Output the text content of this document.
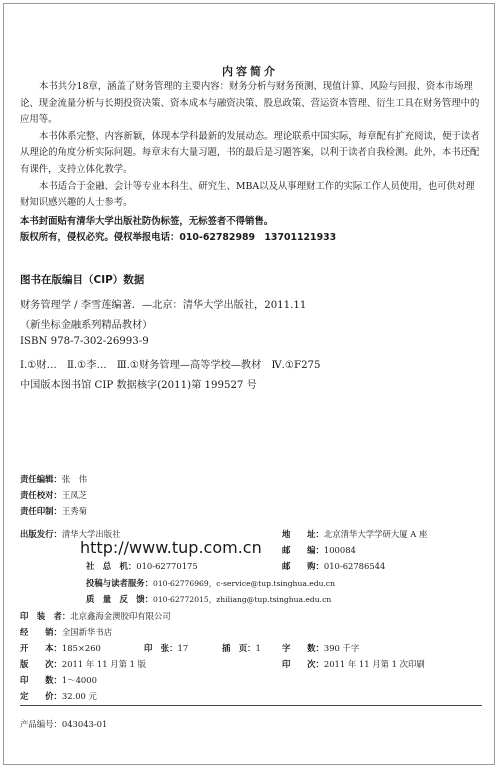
内容简介

本书共分18章，涵盖了财务管理的主要内容：财务分析与财务预测、现值计算、风险与回报、资本市场理论、现金流量分析与长期投资决策、资本成本与融资决策、股息政策、营运资本管理、衍生工具在财务管理中的应用等。

本书体系完整、内容新颖，体现本学科最新的发展动态。理论联系中国实际，每章配有扩充阅读，便于读者从理论的角度分析实际问题。每章末有大量习题，书的最后是习题答案，以利于读者自我检测。此外，本书还配有课件，支持立体化教学。

本书适合于金融、会计等专业本科生、研究生、MBA以及从事理财工作的实际工作人员使用，也可供对理财知识感兴趣的人士参考。

本书封面贴有清华大学出版社防伪标签，无标签者不得销售。

版权所有，侵权必究。侵权举报电话：010-62782989　13701121933

图书在版编目（CIP）数据
财务管理学 / 李雪莲编著．—北京：清华大学出版社，2011.11
（新坐标金融系列精品教材）
ISBN 978-7-302-26993-9
Ⅰ.①财…　Ⅱ.①李…　Ⅲ.①财务管理—高等学校—教材　Ⅳ.①F275
中国版本图书馆 CIP 数据核字(2011)第 199527 号
责任编辑：张　伟
责任校对：王凤芝
责任印制：王秀菊
出版发行：清华大学出版社	地　　址：北京清华大学学研大厦 A 座
http://www.tup.com.cn 邮　　编：100084
社　总　机：010-62770175	邮　　购：010-62786544
投稿与读者服务：010-62776969，c-service@tup.tsinghua.edu.cn
质　量　反　馈：010-62772015，zhiliang@tup.tsinghua.edu.cn
印　装　者：北京鑫海金澳胶印有限公司
经　　销：全国新华书店
开　　本：185×260	印　张：17	插　页：1	字　　数：390 千字
版　　次：2011 年 11 月第 1 版	印　　次：2011 年 11 月第 1 次印刷
印　　数：1～4000
定　　价：32.00 元
产品编号：043043-01
